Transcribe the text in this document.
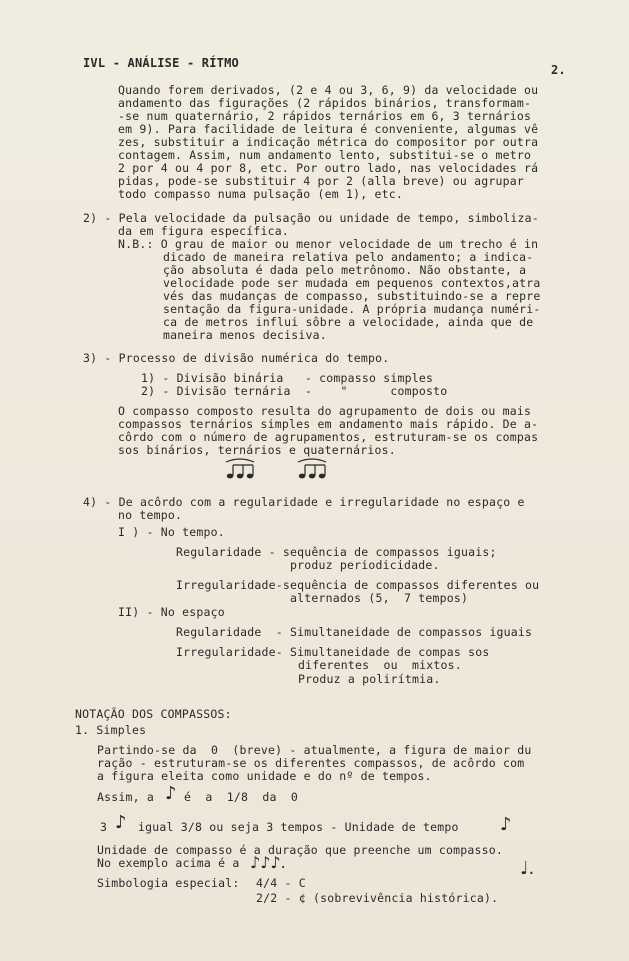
IVL - ANÁLISE - RÍTMO	2.
Quando forem derivados, (2 e 4 ou 3, 6, 9) da velocidade ou
andamento das figurações (2 rápidos binários, transformam-
-se num quaternário, 2 rápidos ternários em 6, 3 ternários
em 9). Para facilidade de leitura é conveniente, algumas vê
zes, substituir a indicação métrica do compositor por outra
contagem. Assim, num andamento lento, substitui-se o metro
2 por 4 ou 4 por 8, etc. Por outro lado, nas velocidades rá
pidas, pode-se substituir 4 por 2 (alla breve) ou agrupar
todo compasso numa pulsação (em 1), etc.
2) - Pela velocidade da pulsação ou unidade de tempo, simboliza-
da em figura específica.
N.B.: O grau de maior ou menor velocidade de um trecho é in
dicado de maneira relativa pelo andamento; a indica-
ção absoluta é dada pelo metrônomo. Não obstante, a
velocidade pode ser mudada em pequenos contextos,atra
vés das mudanças de compasso, substituindo-se a repre
sentação da figura-unidade. A própria mudança numéri-
ca de metros influi sôbre a velocidade, ainda que de
maneira menos decisiva.
3) - Processo de divisão numérica do tempo.
1) - Divisão binária   - compasso simples
2) - Divisão ternária  -    "      composto
O compasso composto resulta do agrupamento de dois ou mais
compassos ternários simples em andamento mais rápido. De a-
côrdo com o número de agrupamentos, estruturam-se os compas
sos binários, ternários e quaternários.
4) - De acôrdo com a regularidade e irregularidade no espaço e
no tempo.
I ) - No tempo.
Regularidade - sequência de compassos iguais;
produz periodicidade.
Irregularidade-sequência de compassos diferentes ou
alternados (5,  7 tempos)
II) - No espaço
Regularidade  - Simultaneidade de compassos iguais
Irregularidade- Simultaneidade de compas sos
diferentes  ou  mixtos.
Produz a polirítmia.
NOTAÇÃO DOS COMPASSOS:
1. Simples
Partindo-se da  0  (breve) - atualmente, a figura de maior du
ração - estruturam-se os diferentes compassos, de acôrdo com
a figura eleita como unidade e do nº de tempos.
Assim, a ♪ é  a  1/8  da  0
3 ♪ igual 3/8 ou seja 3 tempos - Unidade de tempo ♪
Unidade de compasso é a duração que preenche um compasso.
No exemplo acima é a ♪♪♪.	♩.
Simbologia especial: 4/4 - C
2/2 - ¢ (sobrevivência histórica).
